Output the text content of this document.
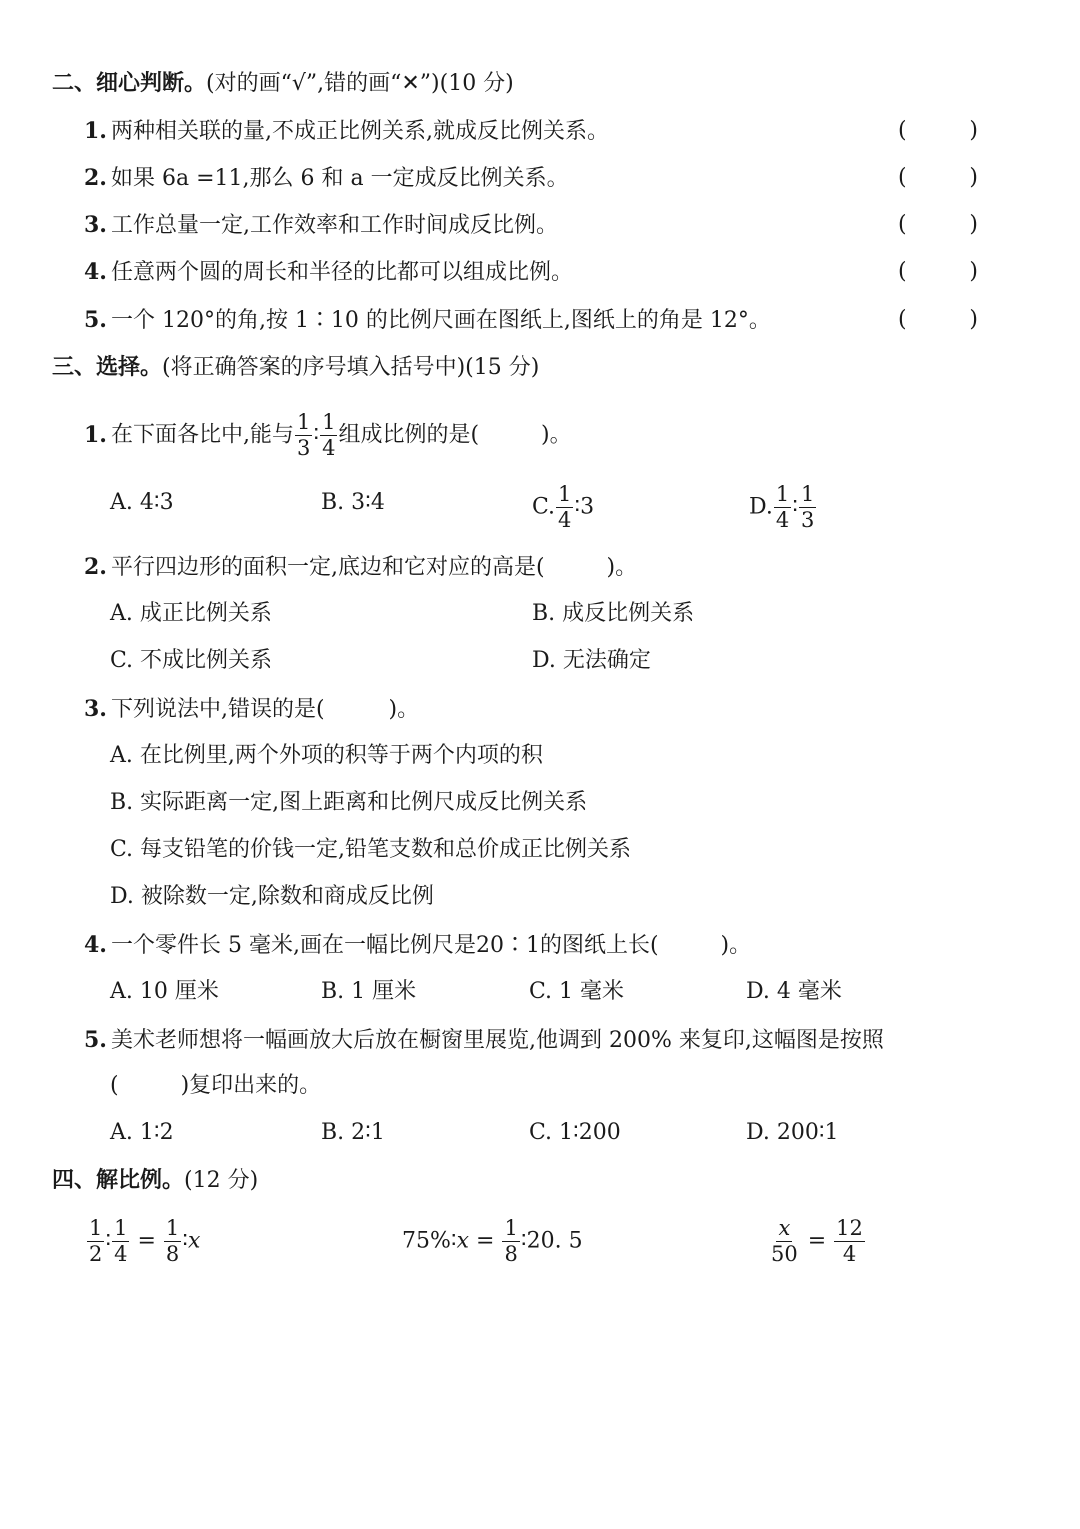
二、细心判断。(对的画“√”,错的画“✕”)(10 分)
1. 两种相关联的量,不成正比例关系,就成反比例关系。	(	)
2. 如果 6a =11,那么 6 和 a 一定成反比例关系。	(	)
3. 工作总量一定,工作效率和工作时间成反比例。	(	)
4. 任意两个圆的周长和半径的比都可以组成比例。	(	)
5. 一个 120°的角,按 1∶10 的比例尺画在图纸上,图纸上的角是 12°。	(	)
三、选择。(将正确答案的序号填入括号中)(15 分)
1. 在下面各比中,能与 $\frac{1}{3}$ ∶ $\frac{1}{4}$ 组成比例的是(	)。
A. 4∶3	B. 3∶4	C. $\frac{1}{4}$ ∶3	D. $\frac{1}{4}$ ∶ $\frac{1}{3}$
2. 平行四边形的面积一定,底边和它对应的高是(	)。
A. 成正比例关系	B. 成反比例关系
C. 不成比例关系	D. 无法确定
3. 下列说法中,错误的是(	)。
A. 在比例里,两个外项的积等于两个内项的积
B. 实际距离一定,图上距离和比例尺成反比例关系
C. 每支铅笔的价钱一定,铅笔支数和总价成正比例关系
D. 被除数一定,除数和商成反比例
4. 一个零件长 5 毫米,画在一幅比例尺是20∶1的图纸上长(	)。
A. 10 厘米	B. 1 厘米	C. 1 毫米	D. 4 毫米
5. 美术老师想将一幅画放大后放在橱窗里展览,他调到 200% 来复印,这幅图是按照
(	)复印出来的。
A. 1∶2	B. 2∶1	C. 1∶200	D. 200∶1
四、解比例。(12 分)
$\frac{1}{2}$ ∶ $\frac{1}{4} = \frac{1}{8}$ ∶x	75%∶x = $\frac{1}{8}$ ∶20. 5	$\frac{x}{50} = \frac{12}{4}$
